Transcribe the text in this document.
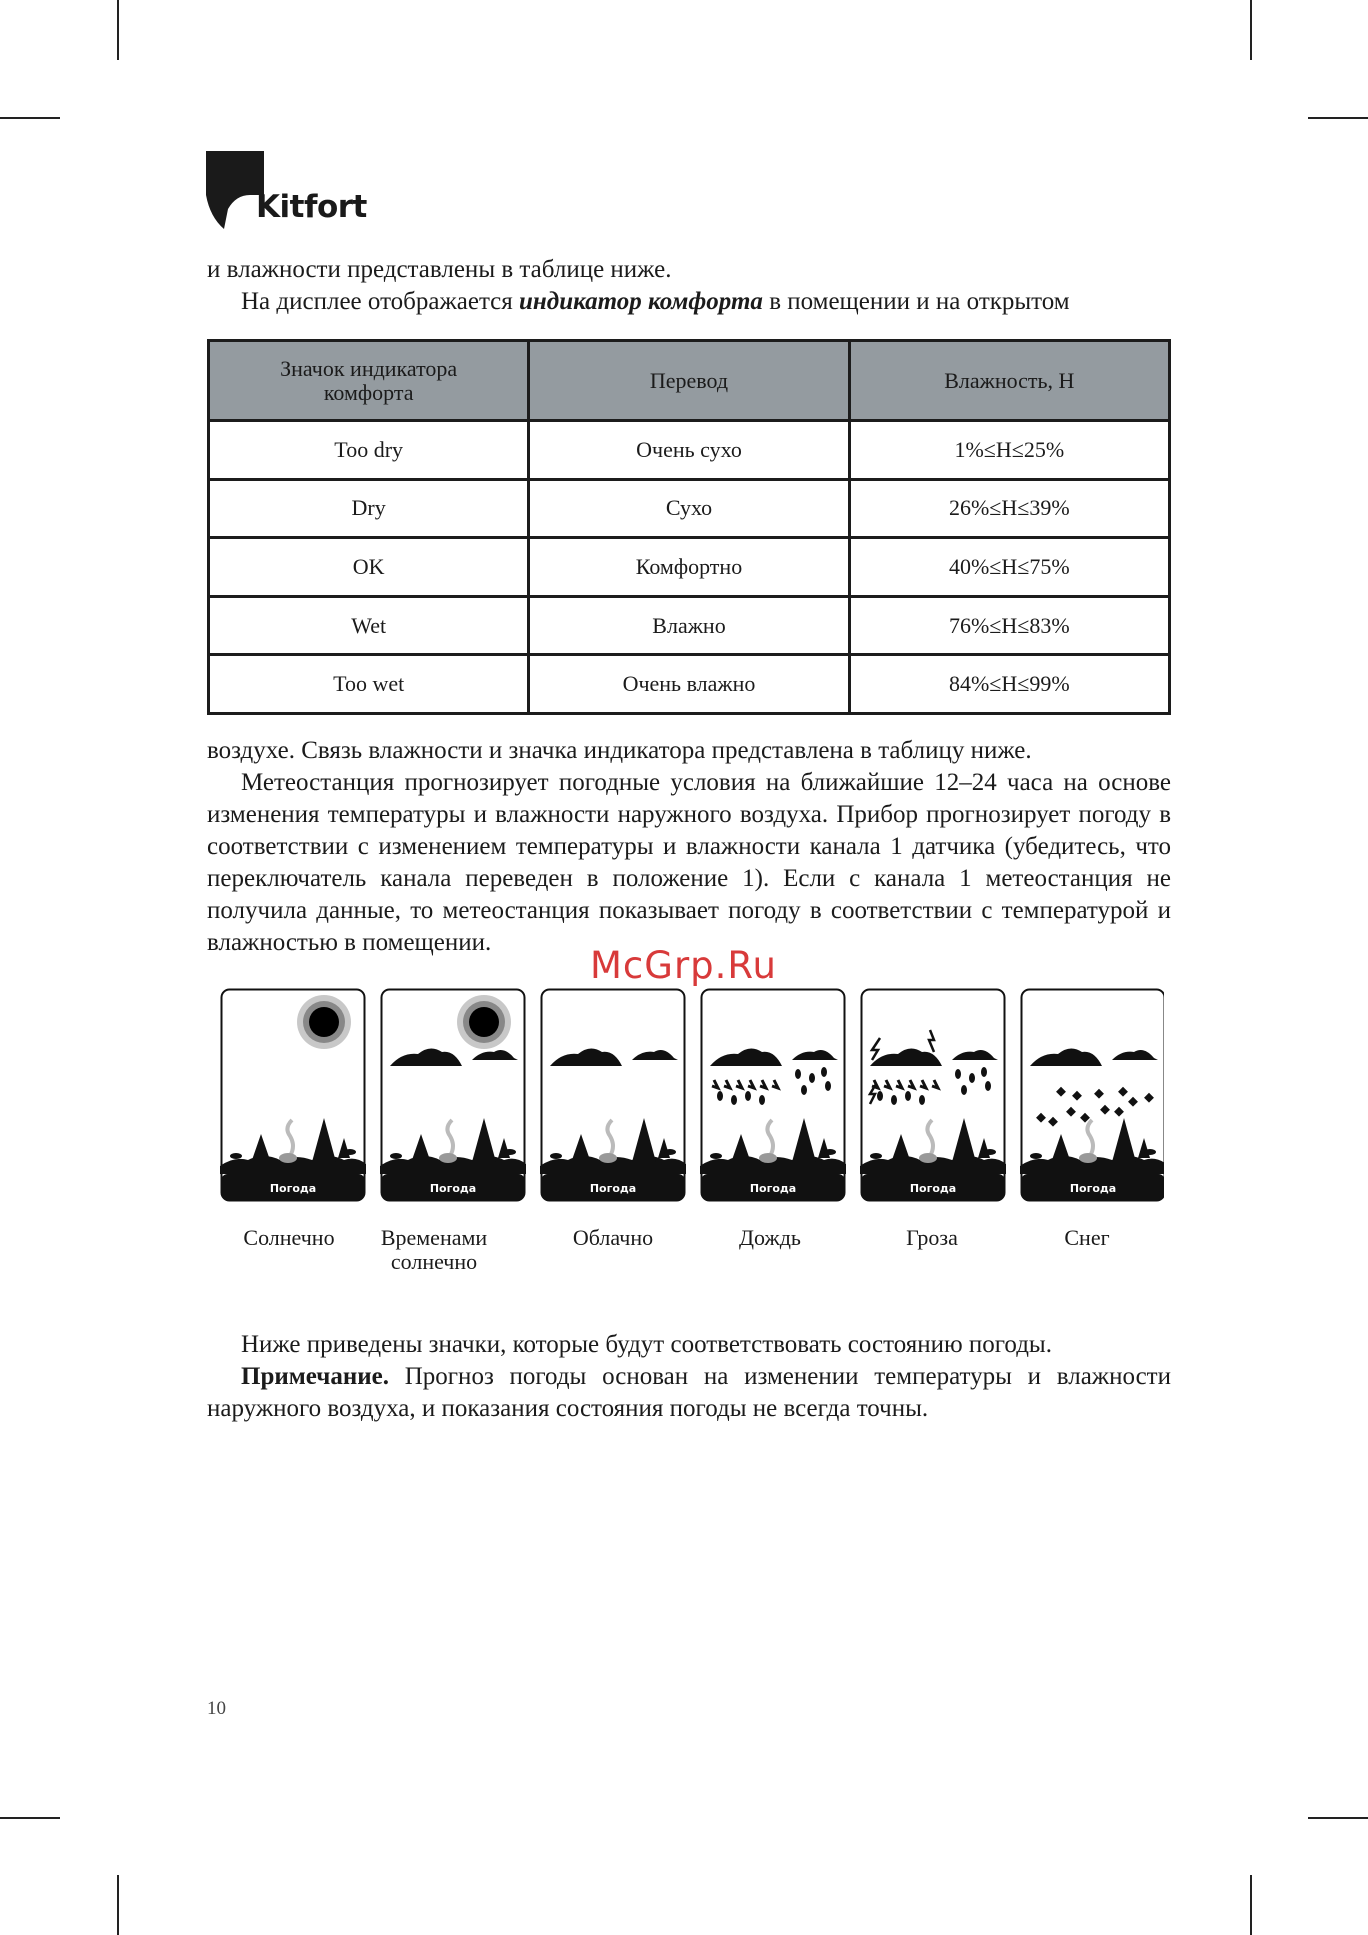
Kitfort

и влажности представлены в таблице ниже.

На дисплее отображается индикатор комфорта в помещении и на открытом

Значок индикатора комфорта	Перевод	Влажность, H
Too dry	Очень сухо	1%≤H≤25%
Dry	Сухо	26%≤H≤39%
OK	Комфортно	40%≤H≤75%
Wet	Влажно	76%≤H≤83%
Too wet	Очень влажно	84%≤H≤99%

воздухе. Связь влажности и значка индикатора представлена в таблицу ниже.

Метеостанция прогнозирует погодные условия на ближайшие 12–24 часа на основе изменения температуры и влажности наружного воздуха. Прибор прогнозирует погоду в соответствии с изменением температуры и влажности канала 1 датчика (убедитесь, что переключатель канала переведен в положение 1). Если с канала 1 метеостанция не получила данные, то метеостанция показывает погоду в соответствии с температурой и влажностью в помещении.

McGrp.Ru
Погода	Погода	Погода	Погода	Погода	Погода
Солнечно	Временами солнечно
Облачно	Дождь	Гроза	Снег

Ниже приведены значки, которые будут соответствовать состоянию погоды.

Примечание. Прогноз погоды основан на изменении температуры и влажности наружного воздуха, и показания состояния погоды не всегда точны.

10
